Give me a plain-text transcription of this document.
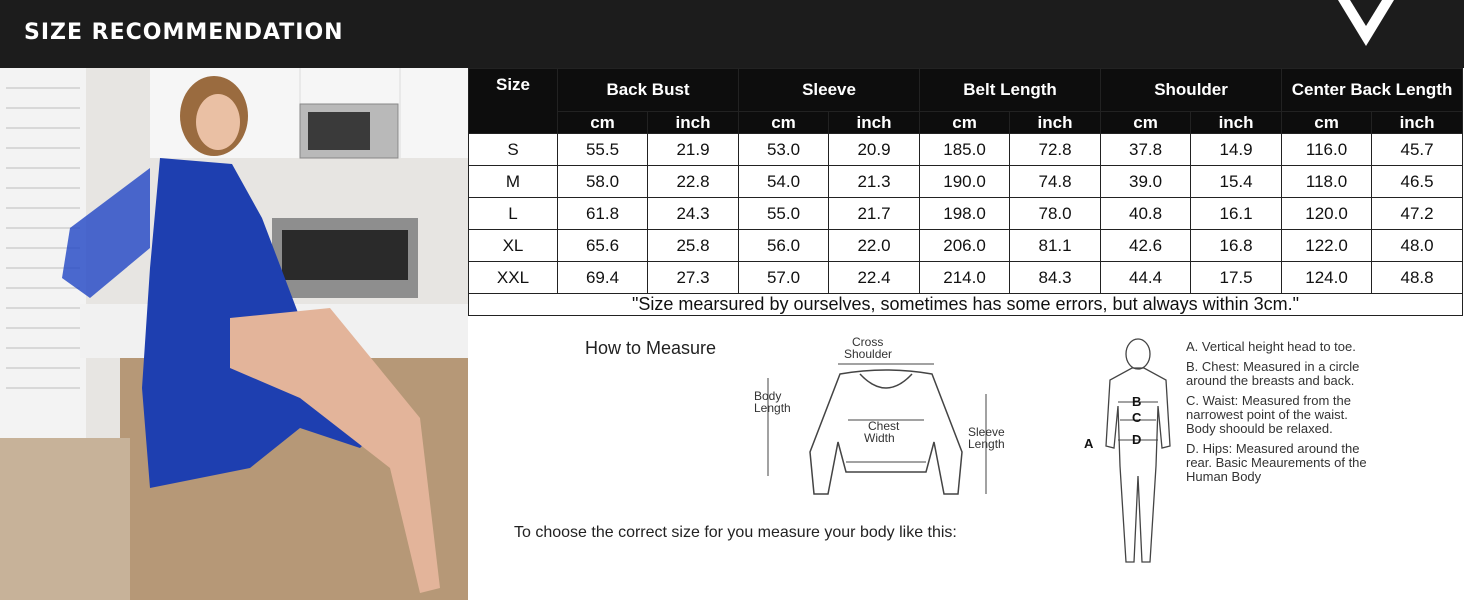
SIZE RECOMMENDATION
Size	Back Bust		Sleeve		Belt Length		Shoulder		Center Back Length	
	cm	inch	cm	inch	cm	inch	cm	inch	cm	inch
S	55.5	21.9	53.0	20.9	185.0	72.8	37.8	14.9	116.0	45.7
M	58.0	22.8	54.0	21.3	190.0	74.8	39.0	15.4	118.0	46.5
L	61.8	24.3	55.0	21.7	198.0	78.0	40.8	16.1	120.0	47.2
XL	65.6	25.8	56.0	22.0	206.0	81.1	42.6	16.8	122.0	48.0
XXL	69.4	27.3	57.0	22.4	214.0	84.3	44.4	17.5	124.0	48.8
"Size mearsured by ourselves, sometimes has some errors, but always within 3cm."										
How to Measure	Cross
Shoulder
Chest
Width
Body
Length
Sleeve
Length
To choose the correct size for you measure your body like this:
A
B
C
D

A. Vertical height head to toe.

B. Chest: Measured in a circle around the breasts and back.

C. Waist: Measured from the narrowest point of the waist. Body shoould be relaxed.

D. Hips: Measured around the rear. Basic Meaurements of the Human Body
